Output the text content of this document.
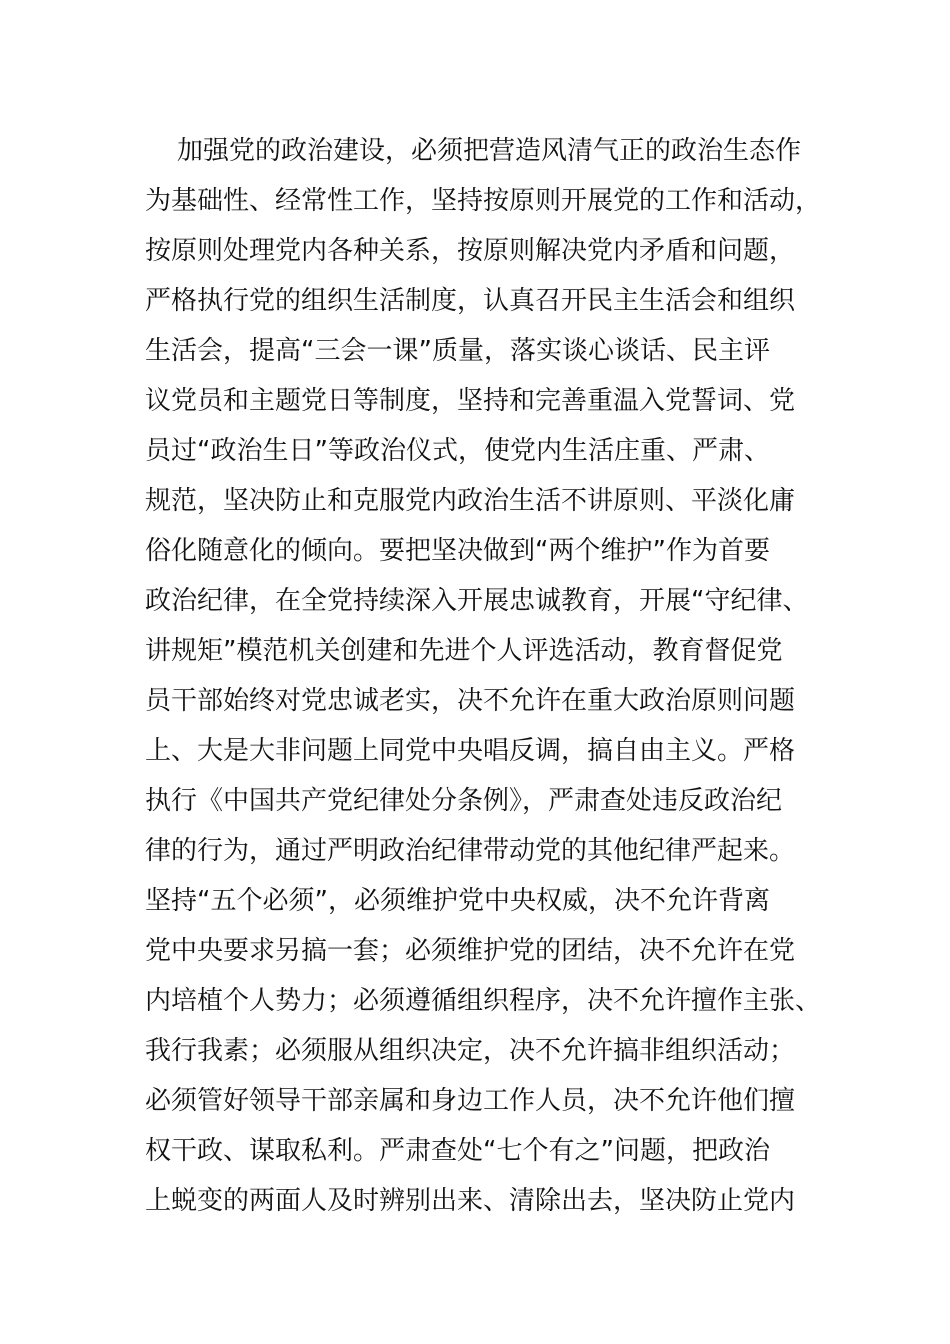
加强党的政治建设，必须把营造风清气正的政治生态作
为基础性、经常性工作，坚持按原则开展党的工作和活动，
按原则处理党内各种关系，按原则解决党内矛盾和问题，
严格执行党的组织生活制度，认真召开民主生活会和组织
生活会，提高“三会一课”质量，落实谈心谈话、民主评
议党员和主题党日等制度，坚持和完善重温入党誓词、党
员过“政治生日”等政治仪式，使党内生活庄重、严肃、
规范，坚决防止和克服党内政治生活不讲原则、平淡化庸
俗化随意化的倾向。要把坚决做到“两个维护”作为首要
政治纪律，在全党持续深入开展忠诚教育，开展“守纪律、
讲规矩”模范机关创建和先进个人评选活动，教育督促党
员干部始终对党忠诚老实，决不允许在重大政治原则问题
上、大是大非问题上同党中央唱反调，搞自由主义。严格
执行《中国共产党纪律处分条例》，严肃查处违反政治纪
律的行为，通过严明政治纪律带动党的其他纪律严起来。
坚持“五个必须”，必须维护党中央权威，决不允许背离
党中央要求另搞一套；必须维护党的团结，决不允许在党
内培植个人势力；必须遵循组织程序，决不允许擅作主张、
我行我素；必须服从组织决定，决不允许搞非组织活动；
必须管好领导干部亲属和身边工作人员，决不允许他们擅
权干政、谋取私利。严肃查处“七个有之”问题，把政治
上蜕变的两面人及时辨别出来、清除出去，坚决防止党内
